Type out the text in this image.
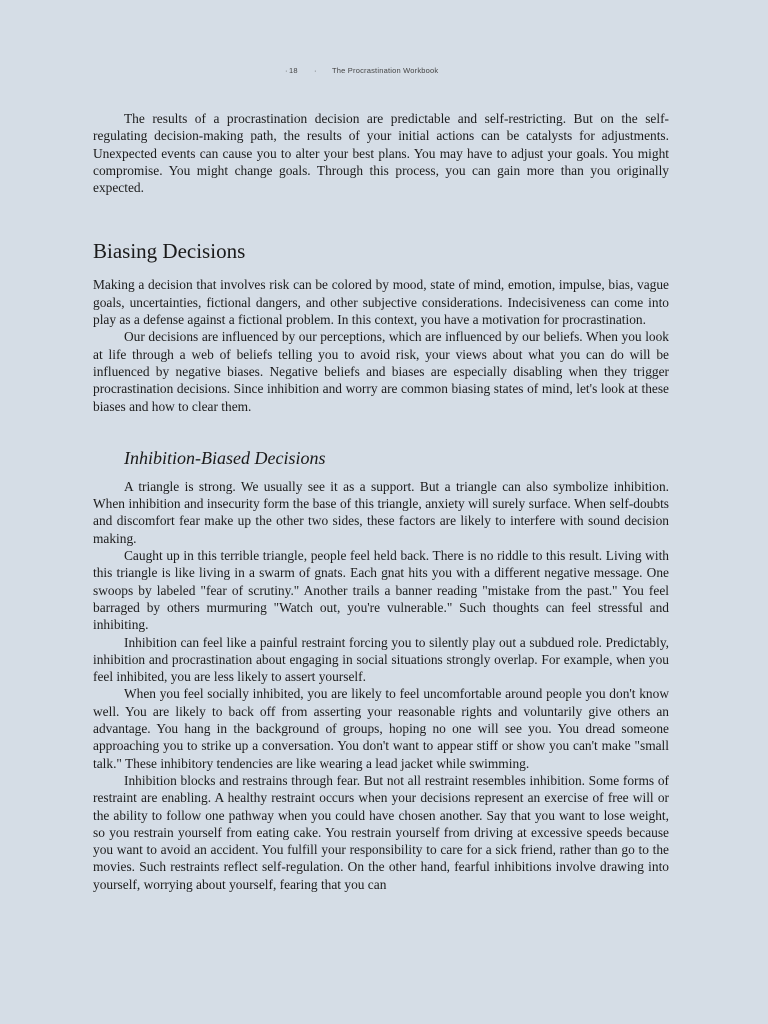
· 18 · The Procrastination Workbook

The results of a procrastination decision are predictable and self-restricting. But on the self-regulating decision-making path, the results of your initial actions can be catalysts for adjustments. Unexpected events can cause you to alter your best plans. You may have to adjust your goals. You might compromise. You might change goals. Through this process, you can gain more than you originally expected.

Biasing Decisions

Making a decision that involves risk can be colored by mood, state of mind, emotion, impulse, bias, vague goals, uncertainties, fictional dangers, and other subjective considerations. Indecisiveness can come into play as a defense against a fictional problem. In this context, you have a motivation for procrastination.

Our decisions are influenced by our perceptions, which are influenced by our beliefs. When you look at life through a web of beliefs telling you to avoid risk, your views about what you can do will be influenced by negative biases. Negative beliefs and biases are especially disabling when they trigger procrastination decisions. Since inhibition and worry are common biasing states of mind, let's look at these biases and how to clear them.

Inhibition-Biased Decisions

A triangle is strong. We usually see it as a support. But a triangle can also symbolize inhibition. When inhibition and insecurity form the base of this triangle, anxiety will surely surface. When self-doubts and discomfort fear make up the other two sides, these factors are likely to interfere with sound decision making.

Caught up in this terrible triangle, people feel held back. There is no riddle to this result. Living with this triangle is like living in a swarm of gnats. Each gnat hits you with a different negative message. One swoops by labeled "fear of scrutiny." Another trails a banner reading "mistake from the past." You feel barraged by others murmuring "Watch out, you're vulnerable." Such thoughts can feel stressful and inhibiting.

Inhibition can feel like a painful restraint forcing you to silently play out a subdued role. Predictably, inhibition and procrastination about engaging in social situations strongly overlap. For example, when you feel inhibited, you are less likely to assert yourself.

When you feel socially inhibited, you are likely to feel uncomfortable around people you don't know well. You are likely to back off from asserting your reasonable rights and voluntarily give others an advantage. You hang in the background of groups, hoping no one will see you. You dread someone approaching you to strike up a conversation. You don't want to appear stiff or show you can't make "small talk." These inhibitory tendencies are like wearing a lead jacket while swimming.

Inhibition blocks and restrains through fear. But not all restraint resembles inhibition. Some forms of restraint are enabling. A healthy restraint occurs when your decisions represent an exercise of free will or the ability to follow one pathway when you could have chosen another. Say that you want to lose weight, so you restrain yourself from eating cake. You restrain yourself from driving at excessive speeds because you want to avoid an accident. You fulfill your responsibility to care for a sick friend, rather than go to the movies. Such restraints reflect self-regulation. On the other hand, fearful inhibitions involve drawing into yourself, worrying about yourself, fearing that you can
